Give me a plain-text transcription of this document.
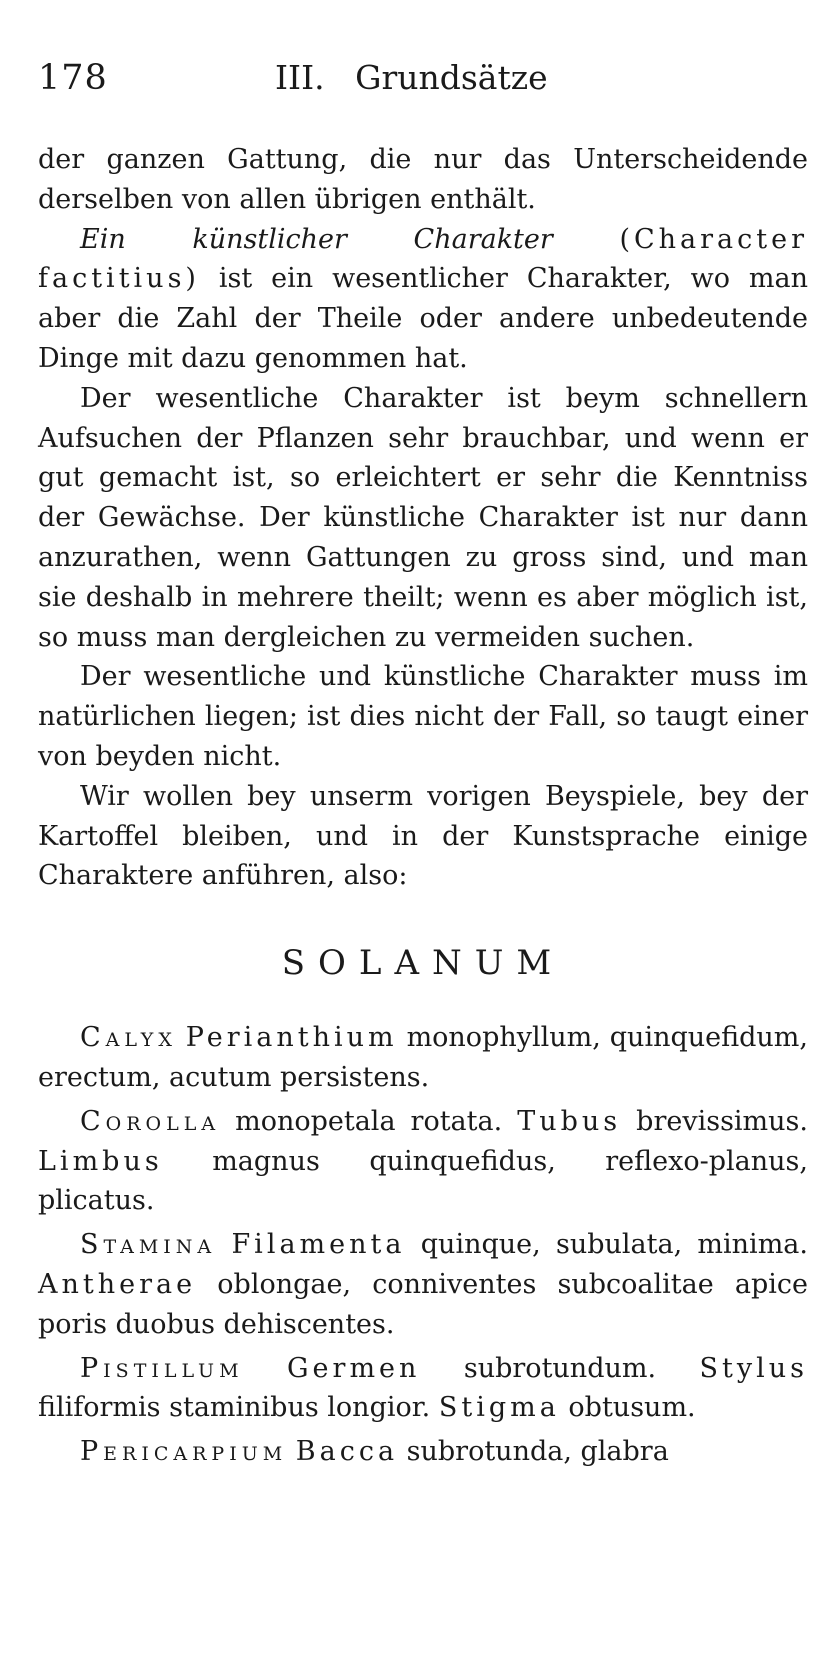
178	III. Grundsätze

der ganzen Gattung, die nur das Unterscheidende derselben von allen übrigen enthält.

Ein künstlicher Charakter (Character factitius) ist ein wesentlicher Charakter, wo man aber die Zahl der Theile oder andere unbedeutende Dinge mit dazu genommen hat.

Der wesentliche Charakter ist beym schnellern Aufsuchen der Pflanzen sehr brauchbar, und wenn er gut gemacht ist, so erleichtert er sehr die Kenntniss der Gewächse. Der künstliche Charakter ist nur dann anzurathen, wenn Gattungen zu gross sind, und man sie deshalb in mehrere theilt; wenn es aber möglich ist, so muss man dergleichen zu vermeiden suchen.

Der wesentliche und künstliche Charakter muss im natürlichen liegen; ist dies nicht der Fall, so taugt einer von beyden nicht.

Wir wollen bey unserm vorigen Beyspiele, bey der Kartoffel bleiben, und in der Kunstsprache einige Charaktere anführen, also:

SOLANUM

Calyx Perianthium monophyllum, quinquefidum, erectum, acutum persistens.

Corolla monopetala rotata. Tubus brevissimus. Limbus magnus quinquefidus, reflexo-planus, plicatus.

Stamina Filamenta quinque, subulata, minima. Antherae oblongae, conniventes subcoalitae apice poris duobus dehiscentes.

Pistillum Germen subrotundum. Stylus filiformis staminibus longior. Stigma obtusum.

Pericarpium Bacca subrotunda, glabra
